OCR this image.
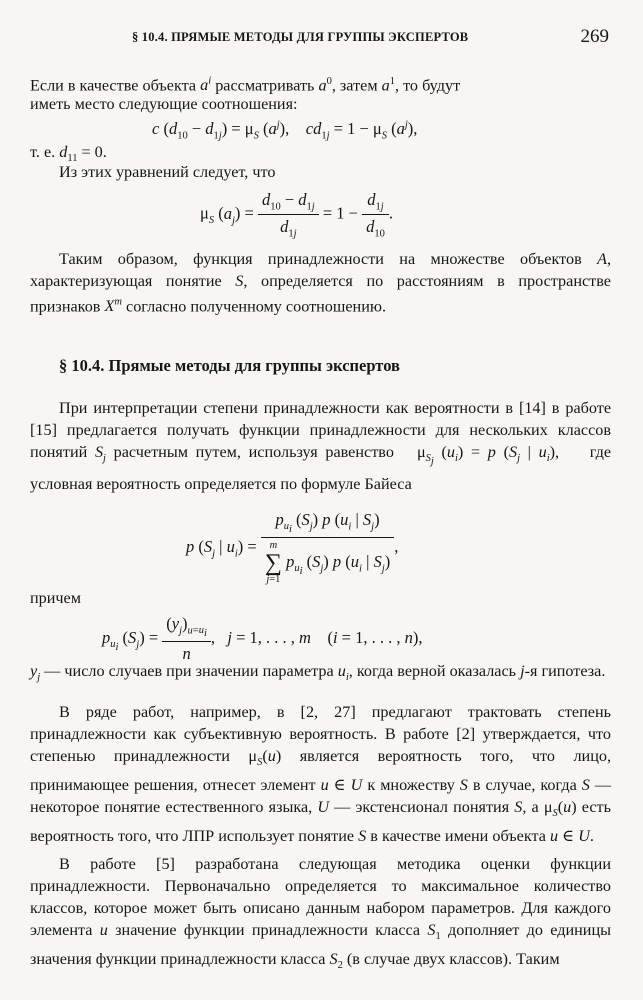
§ 10.4. ПРЯМЫЕ МЕТОДЫ ДЛЯ ГРУППЫ ЭКСПЕРТОВ	269
Если в качестве объекта $a^i$ рассматривать $a^0$, затем $a^1$, то будут
иметь место следующие соотношения:
c $(d_{10} - d_{1j}) = \mu_S$ $(a^j)$,    $cd_{1j} = 1 - \mu_S$ $(a^j)$,
т. е. $d_{11} = 0$.
Из этих уравнений следует, что
$\mu_S$ $(a_j) = \frac{d_{10} - d_{1j}}{d_{1j}} = 1 - \frac{d_{1j}}{d_{10}}$ .
Таким образом, функция принадлежности на множестве объектов A, характеризующая понятие S, определяется по расстояниям в пространстве признаков $X^m$ согласно полученному соотношению.
§ 10.4. Прямые методы для группы экспертов
При интерпретации степени принадлежности как вероятности в [14] в работе [15] предлагается получать функции принадлежности для нескольких классов понятий $S_j$ расчетным путем, используя равенство   $\mu_{S_j}$ $(u_i) = p$ ($S_j$ | $u_i$),    где условная вероятность определяется по формуле Байеса
p ($S_j$ | $u_i) = p_{u_i}$ $(S_j)$ p ($u_i$ | $S_j$)
m
∑
j=1
$p_{u_i}$ $(S_j)$ p ($u_i$ | $S_j$) ,
причем
$p_{u_i}$ $(S_j) = \frac{(y_j)_{u=u_i}}{n}$ ,   j = 1, . . . , m    (i = 1, . . . , n),
$y_j$ — число случаев при значении параметра $u_i$, когда верной оказалась j-я гипотеза.
В ряде работ, например, в [2, 27] предлагают трактовать степень принадлежности как субъективную вероятность. В работе [2] утверждается, что степенью принадлежности $\mu_S(u)$ является вероятность того, что лицо, принимающее решения, отнесет элемент u ∈ U к множеству S в случае, когда S — некоторое понятие естественного языка, U — экстенсионал понятия S, а $\mu_S(u)$ есть вероятность того, что ЛПР использует понятие S в качестве имени объекта u ∈ U.
В работе [5] разработана следующая методика оценки функции принадлежности. Первоначально определяется то максимальное количество классов, которое может быть описано данным набором параметров. Для каждого элемента u значение функции принадлежности класса $S_1$ дополняет до единицы значения функции принадлежности класса $S_2$ (в случае двух классов). Таким
